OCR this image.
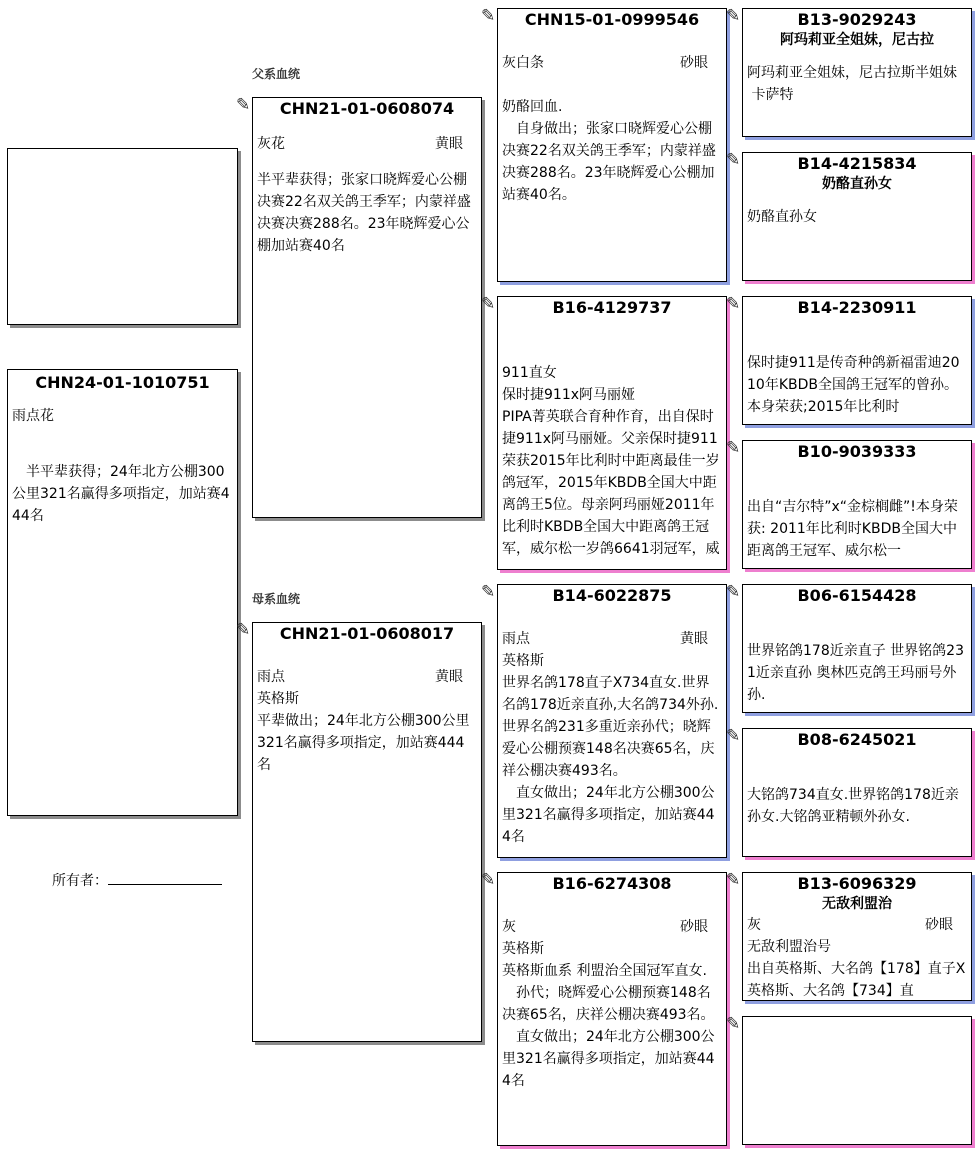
父系血统
母系血统
CHN24-01-1010751
雨点花
　半平辈获得；24年北方公棚300公里321名赢得多项指定，加站赛444名
所有者：
✎	CHN21-01-0608074
灰花	黄眼
半平辈获得；张家口晓辉爱心公棚决赛22名双关鸽王季军；内蒙祥盛决赛决赛288名。23年晓辉爱心公棚加站赛40名
✎	CHN21-01-0608017
雨点	黄眼
英格斯
平辈做出；24年北方公棚300公里321名赢得多项指定，加站赛444名
✎	CHN15-01-0999546
灰白条	砂眼
奶酪回血.
　自身做出；张家口晓辉爱心公棚决赛22名双关鸽王季军；内蒙祥盛决赛288名。23年晓辉爱心公棚加站赛40名。
✎	B16-4129737
911直女
保时捷911x阿马丽娅
PIPA菁英联合育种作育，出自保时捷911x阿马丽娅。父亲保时捷911荣获2015年比利时中距离最佳一岁鸽冠军，2015年KBDB全国大中距离鸽王5位。母亲阿玛丽娅2011年比利时KBDB全国大中距离鸽王冠军，威尔松一岁鸽6641羽冠军，威
✎	B14-6022875
雨点	黄眼
英格斯
世界名鸽178直子X734直女.世界名鸽178近亲直孙,大名鸽734外孙.世界名鸽231多重近亲孙代；晓辉爱心公棚预赛148名决赛65名，庆祥公棚决赛493名。
　直女做出；24年北方公棚300公里321名赢得多项指定，加站赛444名
✎	B16-6274308
灰	砂眼
英格斯
英格斯血系 利盟治全国冠军直女.
　孙代；晓辉爱心公棚预赛148名决赛65名，庆祥公棚决赛493名。
　直女做出；24年北方公棚300公里321名赢得多项指定，加站赛444名
✎	B13-9029243
阿玛莉亚全姐妹，尼古拉
阿玛莉亚全姐妹，尼古拉斯半姐妹
卡萨特
✎	B14-4215834
奶酪直孙女
奶酪直孙女
✎	B14-2230911
保时捷911是传奇种鸽新福雷迪2010年KBDB全国鸽王冠军的曾孙。本身荣获;2015年比利时
✎	B10-9039333
出自“吉尔特”x“金棕榈雌”!本身荣获: 2011年比利时KBDB全国大中距离鸽王冠军、威尔松一
✎	B06-6154428
世界铭鸽178近亲直子 世界铭鸽231近亲直孙 奥林匹克鸽王玛丽号外孙.
✎	B08-6245021
大铭鸽734直女.世界铭鸽178近亲孙女.大铭鸽亚精顿外孙女.
✎	B13-6096329
无敌利盟治
灰	砂眼
无敌利盟治号
出自英格斯、大名鸽【178】直子X英格斯、大名鸽【734】直
✎
